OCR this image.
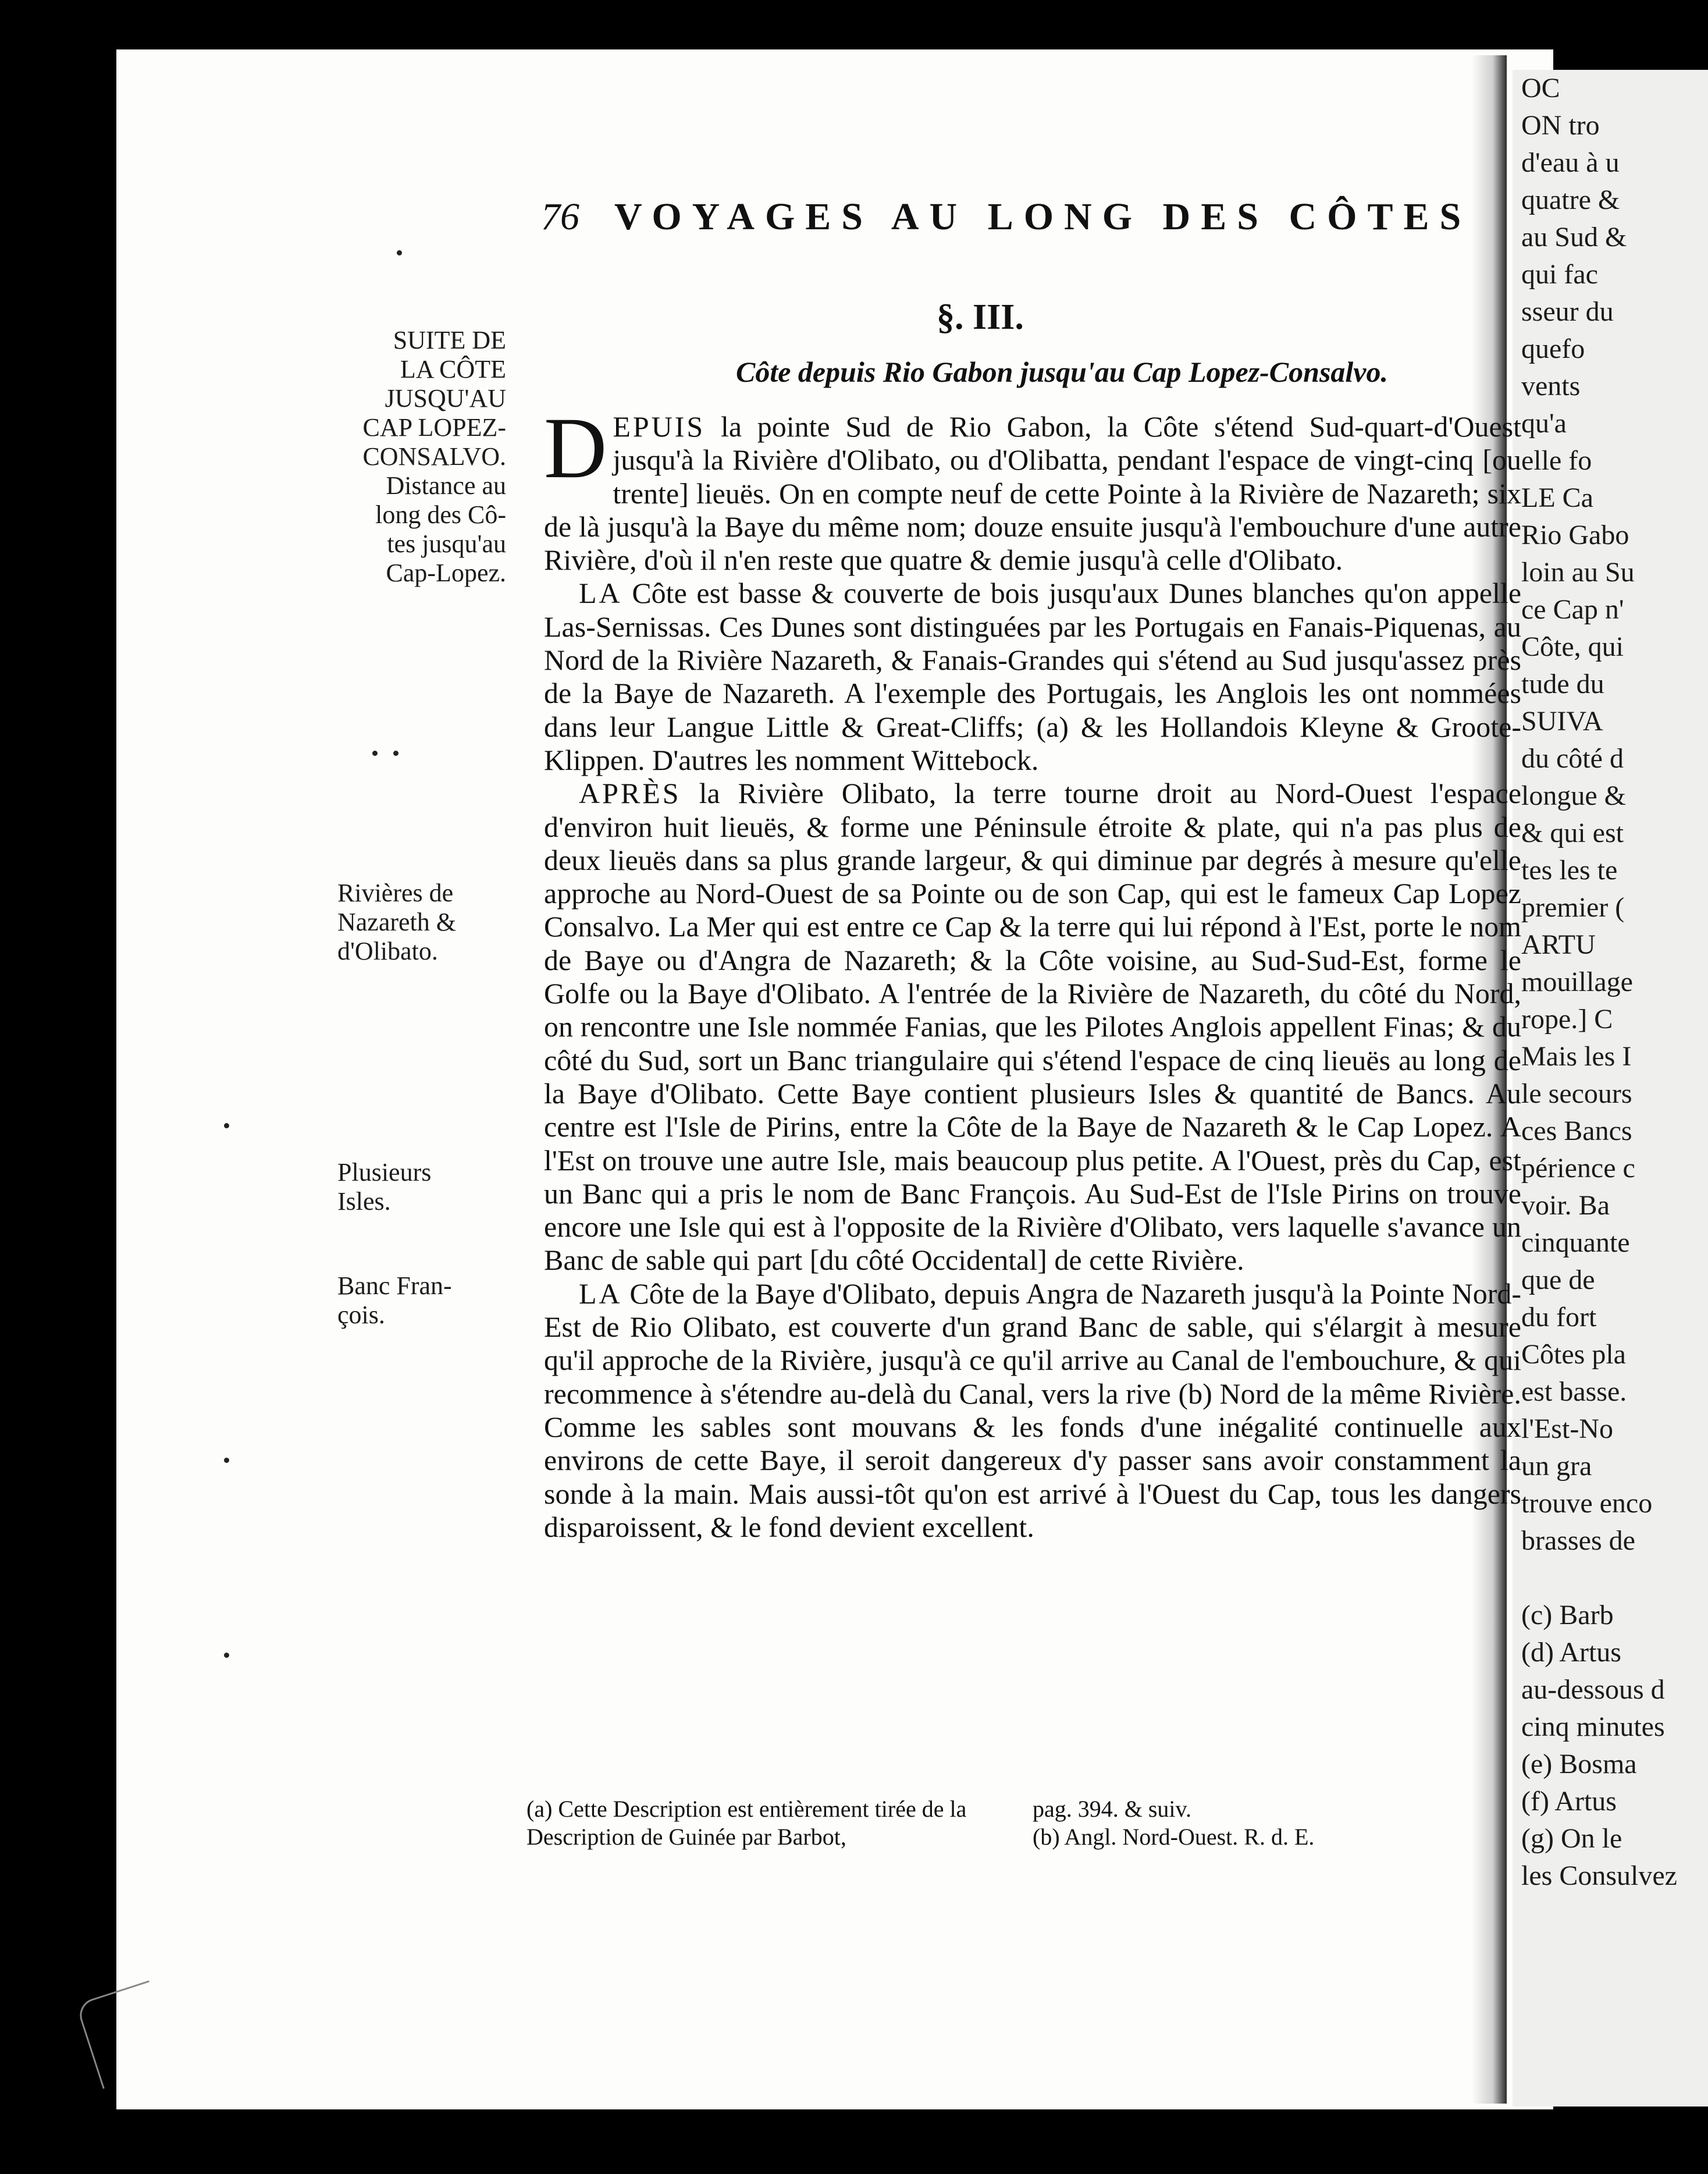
OC
ON tro
d'eau à u
quatre &
au Sud &
qui fac
sseur du
quefo
vents
qu'a
elle fo
LE Ca
Rio Gabo
loin au Su
ce Cap n'
Côte, qui
tude du
SUIVA
du côté d
longue &
& qui est
tes les te
premier (
ARTU
mouillage
rope.] C
Mais les I
le secours
ces Bancs
périence c
voir. Ba
cinquante
que de
du fort
Côtes pla
est basse.
l'Est-No
un gra
trouve enco
brasses de

(c) Barb
(d) Artus
au-dessous d
cinq minutes
(e) Bosma
(f) Artus
(g) On le
les Consulvez
76 VOYAGES AU LONG DES CÔTES
§. III.
Côte depuis Rio Gabon jusqu'au Cap Lopez-Consalvo.
SUITE DE
LA CÔTE
JUSQU'AU
CAP LOPEZ-
CONSALVO.
Distance au
long des Cô-
tes jusqu'au
Cap-Lopez.
Rivières de
Nazareth &
d'Olibato.
Plusieurs
Isles.
Banc Fran-
çois.

DEPUIS la pointe Sud de Rio Gabon, la Côte s'étend Sud-quart-d'Ouest jusqu'à la Rivière d'Olibato, ou d'Olibatta, pendant l'espace de vingt-cinq [ou trente] lieuës. On en compte neuf de cette Pointe à la Rivière de Nazareth; six de là jusqu'à la Baye du même nom; douze ensuite jusqu'à l'embouchure d'une autre Rivière, d'où il n'en reste que quatre & demie jusqu'à celle d'Olibato.

LA Côte est basse & couverte de bois jusqu'aux Dunes blanches qu'on appelle Las-Sernissas. Ces Dunes sont distinguées par les Portugais en Fanais-Piquenas, au Nord de la Rivière Nazareth, & Fanais-Grandes qui s'étend au Sud jusqu'assez près de la Baye de Nazareth. A l'exemple des Portugais, les Anglois les ont nommées dans leur Langue Little & Great-Cliffs; (a) & les Hollandois Kleyne & Groote-Klippen. D'autres les nomment Wittebock.

APRÈS la Rivière Olibato, la terre tourne droit au Nord-Ouest l'espace d'environ huit lieuës, & forme une Péninsule étroite & plate, qui n'a pas plus de deux lieuës dans sa plus grande largeur, & qui diminue par degrés à mesure qu'elle approche au Nord-Ouest de sa Pointe ou de son Cap, qui est le fameux Cap Lopez Consalvo. La Mer qui est entre ce Cap & la terre qui lui répond à l'Est, porte le nom de Baye ou d'Angra de Nazareth; & la Côte voisine, au Sud-Sud-Est, forme le Golfe ou la Baye d'Olibato. A l'entrée de la Rivière de Nazareth, du côté du Nord, on rencontre une Isle nommée Fanias, que les Pilotes Anglois appellent Finas; & du côté du Sud, sort un Banc triangulaire qui s'étend l'espace de cinq lieuës au long de la Baye d'Olibato. Cette Baye contient plusieurs Isles & quantité de Bancs. Au centre est l'Isle de Pirins, entre la Côte de la Baye de Nazareth & le Cap Lopez. A l'Est on trouve une autre Isle, mais beaucoup plus petite. A l'Ouest, près du Cap, est un Banc qui a pris le nom de Banc François. Au Sud-Est de l'Isle Pirins on trouve encore une Isle qui est à l'opposite de la Rivière d'Olibato, vers laquelle s'avance un Banc de sable qui part [du côté Occidental] de cette Rivière.

LA Côte de la Baye d'Olibato, depuis Angra de Nazareth jusqu'à la Pointe Nord-Est de Rio Olibato, est couverte d'un grand Banc de sable, qui s'élargit à mesure qu'il approche de la Rivière, jusqu'à ce qu'il arrive au Canal de l'embouchure, & qui recommence à s'étendre au-delà du Canal, vers la rive (b) Nord de la même Rivière. Comme les sables sont mouvans & les fonds d'une inégalité continuelle aux environs de cette Baye, il seroit dangereux d'y passer sans avoir constamment la sonde à la main. Mais aussi-tôt qu'on est arrivé à l'Ouest du Cap, tous les dangers disparoissent, & le fond devient excellent.

(a) Cette Description est entièrement tirée de la Description de Guinée par Barbot,
pag. 394. & suiv.
(b) Angl. Nord-Ouest. R. d. E.
